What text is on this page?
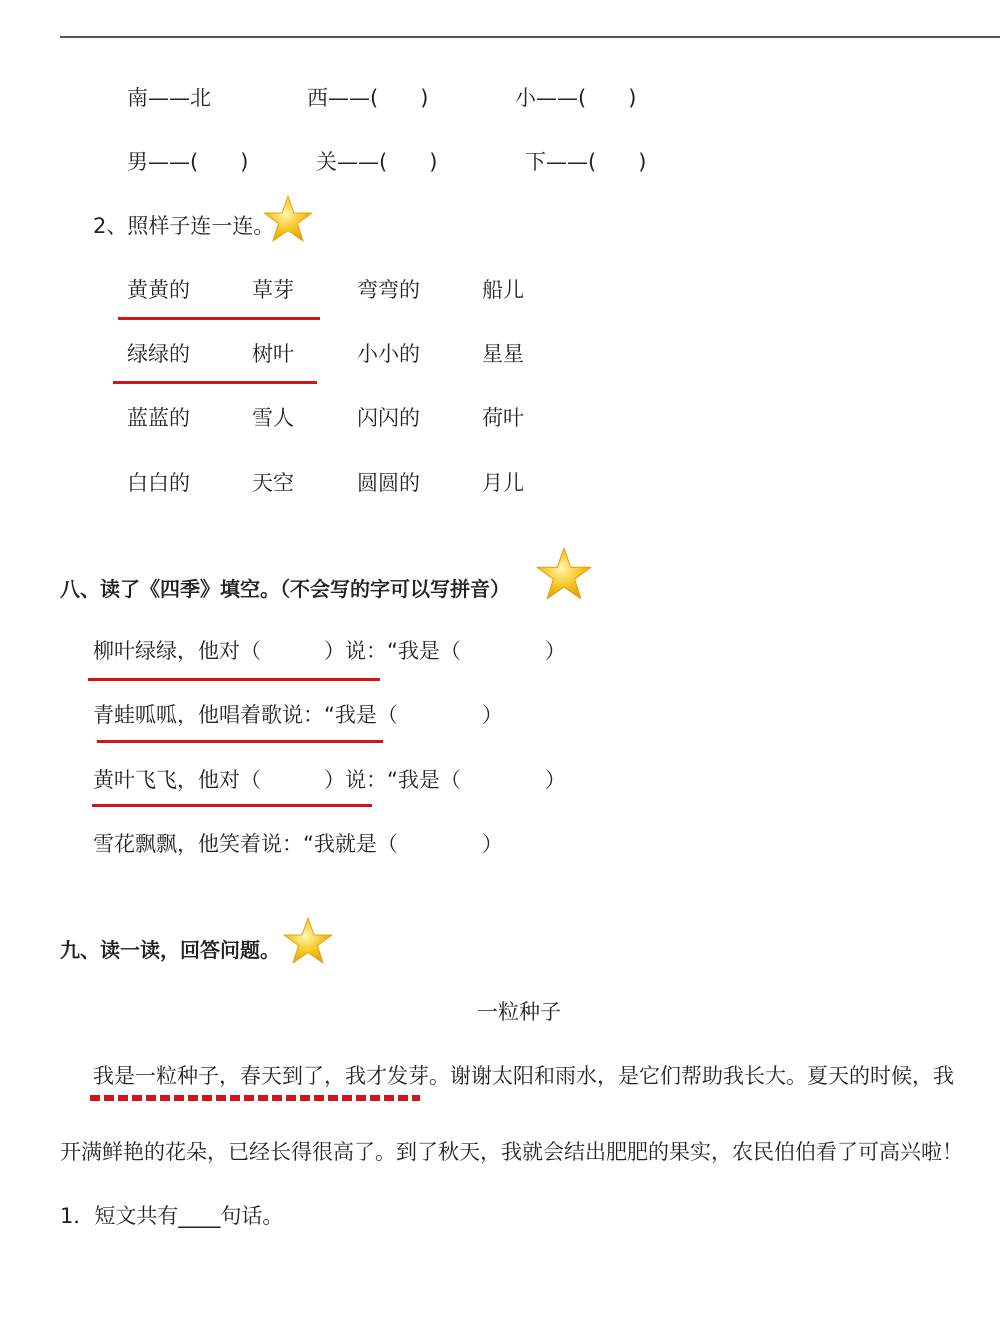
南——北	西——(　　)	小——(　　)
男——(　　)	关——(　　)	下——(　　)
2、照样子连一连。
黄黄的	草芽	弯弯的	船儿
绿绿的	树叶	小小的	星星
蓝蓝的	雪人	闪闪的	荷叶
白白的	天空	圆圆的	月儿
八、读了《四季》填空。（不会写的字可以写拼音）
柳叶绿绿，他对（　　　）说：“我是（　　　　）
青蛙呱呱，他唱着歌说：“我是（　　　　）
黄叶飞飞，他对（　　　）说：“我是（　　　　）
雪花飘飘，他笑着说：“我就是（　　　　）
九、读一读，回答问题。
一粒种子
我是一粒种子，春天到了，我才发芽。谢谢太阳和雨水，是它们帮助我长大。夏天的时候，我
开满鲜艳的花朵，已经长得很高了。到了秋天，我就会结出肥肥的果实，农民伯伯看了可高兴啦！
1．短文共有____句话。
